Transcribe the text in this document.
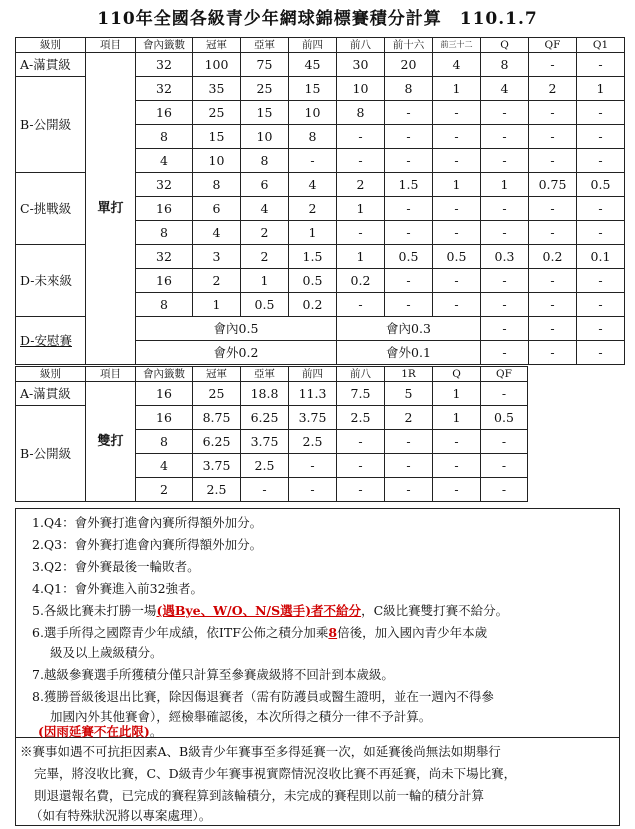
110年全國各級青少年網球錦標賽積分計算　110.1.7
級別	項目	會內籤數	冠軍	亞軍	前四	前八	前十六	前三十二	Q	QF	Q1	
A-滿貫級	單打	32	100	75	45	30	20	4	8	-	-	
B-公開級		32	35	25	15	10	8	1	4	2	1	
		16	25	15	10	8	-	-	-	-	-	
		8	15	10	8	-	-	-	-	-	-	
		4	10	8	-	-	-	-	-	-	-	
C-挑戰級		32	8	6	4	2	1.5	1	1	0.75	0.5	
		16	6	4	2	1	-	-	-	-	-	
		8	4	2	1	-	-	-	-	-	-	
D-未來級		32	3	2	1.5	1	0.5	0.5	0.3	0.2	0.1	
		16	2	1	0.5	0.2	-	-	-	-	-	
		8	1	0.5	0.2	-	-	-	-	-	-	
D-安慰賽		會內0.5				會內0.3			-	-	-	
		會外0.2				會外0.1			-	-	-	
級別	項目	會內籤數	冠軍	亞軍	前四	前八	1R	Q	QF
A-滿貫級	雙打	16	25	18.8	11.3	7.5	5	1	-
B-公開級		16	8.75	6.25	3.75	2.5	2	1	0.5
		8	6.25	3.75	2.5	-	-	-	-
		4	3.75	2.5	-	-	-	-	-
		2	2.5	-	-	-	-	-	-
1.Q4：會外賽打進會內賽所得額外加分。
2.Q3：會外賽打進會內賽所得額外加分。
3.Q2：會外賽最後一輪敗者。
4.Q1：會外賽進入前32強者。
5.各級比賽未打勝一場(遇Bye、W/O、N/S選手)者不給分，C級比賽雙打賽不給分。
6.選手所得之國際青少年成績，依ITF公佈之積分加乘8倍後，加入國內青少年本歲
級及以上歲級積分。
7.越級參賽選手所獲積分僅只計算至參賽歲級將不回計到本歲級。
8.獲勝晉級後退出比賽，除因傷退賽者（需有防護員或醫生證明，並在一週內不得參
加國內外其他賽會），經檢舉確認後，本次所得之積分一律不予計算。
(因雨延賽不在此限)。
※賽事如遇不可抗拒因素A、B級青少年賽事至多得延賽一次，如延賽後尚無法如期舉行
完畢，將沒收比賽，C、D級青少年賽事視實際情況沒收比賽不再延賽，尚未下場比賽，
則退還報名費，已完成的賽程算到該輪積分，未完成的賽程則以前一輪的積分計算
（如有特殊狀況將以專案處理）。
